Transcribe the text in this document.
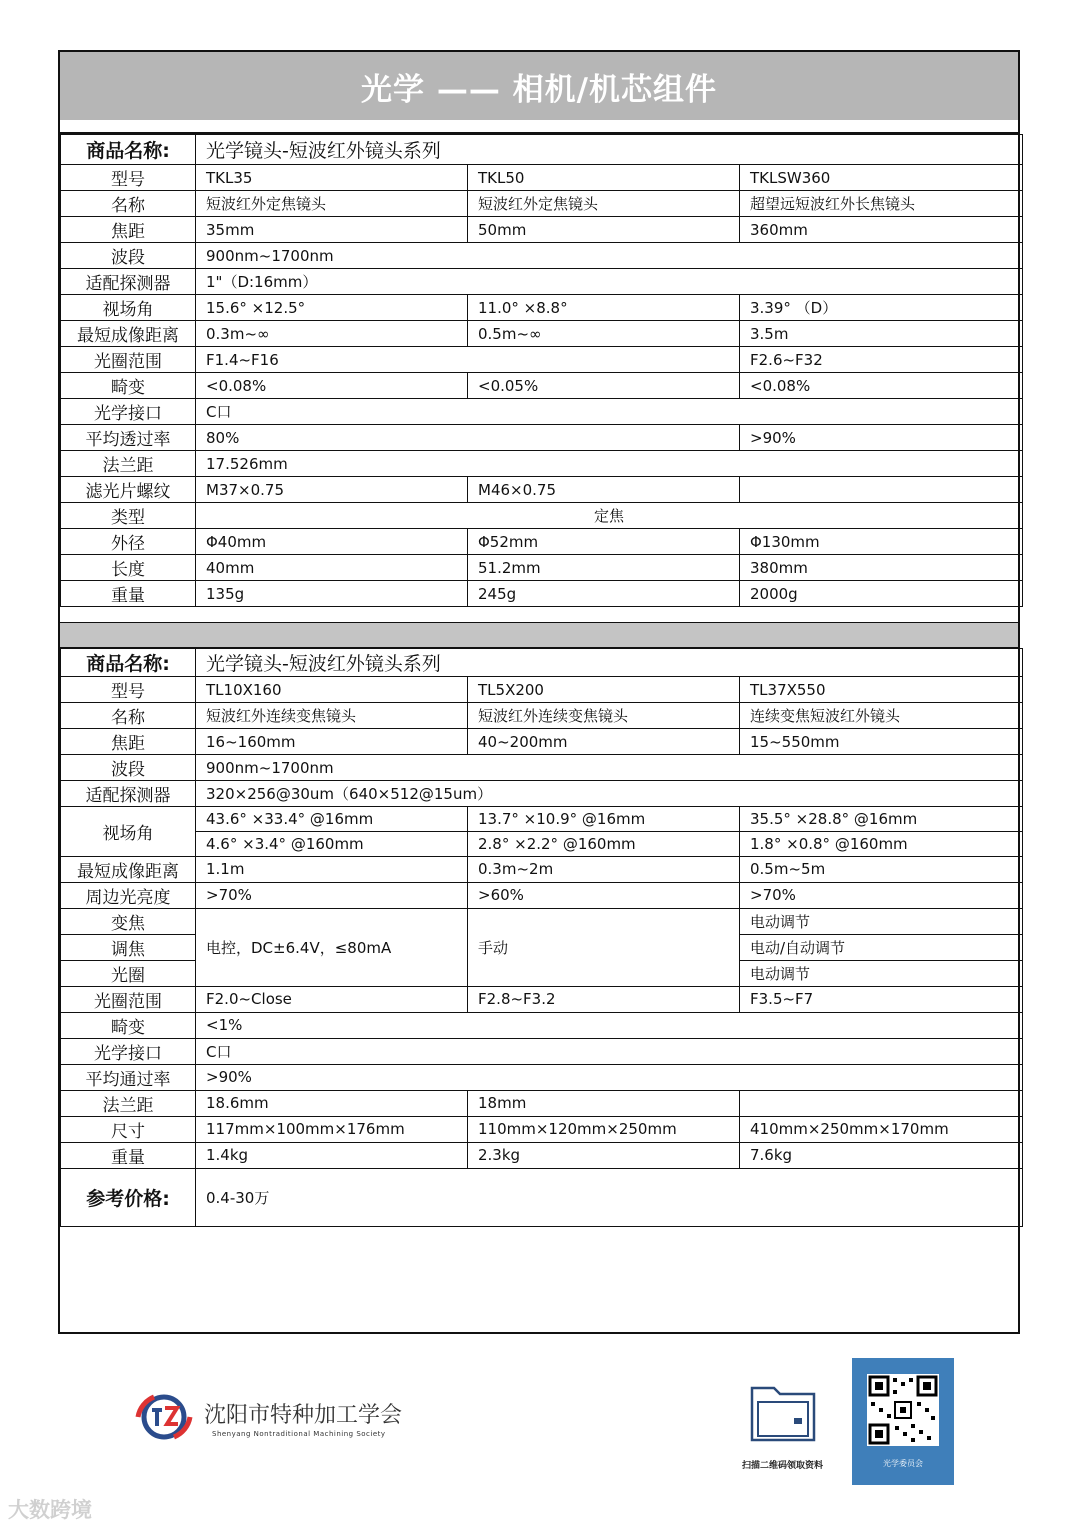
光学 —— 相机/机芯组件
商品名称:	光学镜头-短波红外镜头系列		
型号	TKL35	TKL50	TKLSW360
名称	短波红外定焦镜头	短波红外定焦镜头	超望远短波红外长焦镜头
焦距	35mm	50mm	360mm
波段	900nm~1700nm		
适配探测器	1"（D:16mm）		
视场角	15.6° ×12.5°	11.0° ×8.8°	3.39° （D）
最短成像距离	0.3m~∞	0.5m~∞	3.5m
光圈范围	F1.4~F16		F2.6~F32
畸变	<0.08%	<0.05%	<0.08%
光学接口	C口		
平均透过率	80%		>90%
法兰距	17.526mm		
滤光片螺纹	M37×0.75	M46×0.75	
类型	定焦		
外径	Φ40mm	Φ52mm	Φ130mm
长度	40mm	51.2mm	380mm
重量	135g	245g	2000g
商品名称:	光学镜头-短波红外镜头系列		
型号	TL10X160	TL5X200	TL37X550
名称	短波红外连续变焦镜头	短波红外连续变焦镜头	连续变焦短波红外镜头
焦距	16~160mm	40~200mm	15~550mm
波段	900nm~1700nm		
适配探测器	320×256@30um（640×512@15um）		
视场角	43.6° ×33.4° @16mm	13.7° ×10.9° @16mm	35.5° ×28.8° @16mm
	4.6° ×3.4° @160mm	2.8° ×2.2° @160mm	1.8° ×0.8° @160mm
最短成像距离	1.1m	0.3m~2m	0.5m~5m
周边光亮度	>70%	>60%	>70%
变焦	电控，DC±6.4V，≤80mA	手动	电动调节
调焦			电动/自动调节
光圈			电动调节
光圈范围	F2.0~Close	F2.8~F3.2	F3.5~F7
畸变	<1%		
光学接口	C口		
平均通过率	>90%		
法兰距	18.6mm	18mm	
尺寸	117mm×100mm×176mm	110mm×120mm×250mm	410mm×250mm×170mm
重量	1.4kg	2.3kg	7.6kg
参考价格:	0.4-30万		
沈阳市特种加工学会
Shenyang Nontraditional Machining Society
扫描二维码领取资料	光学委员会
大数跨境
